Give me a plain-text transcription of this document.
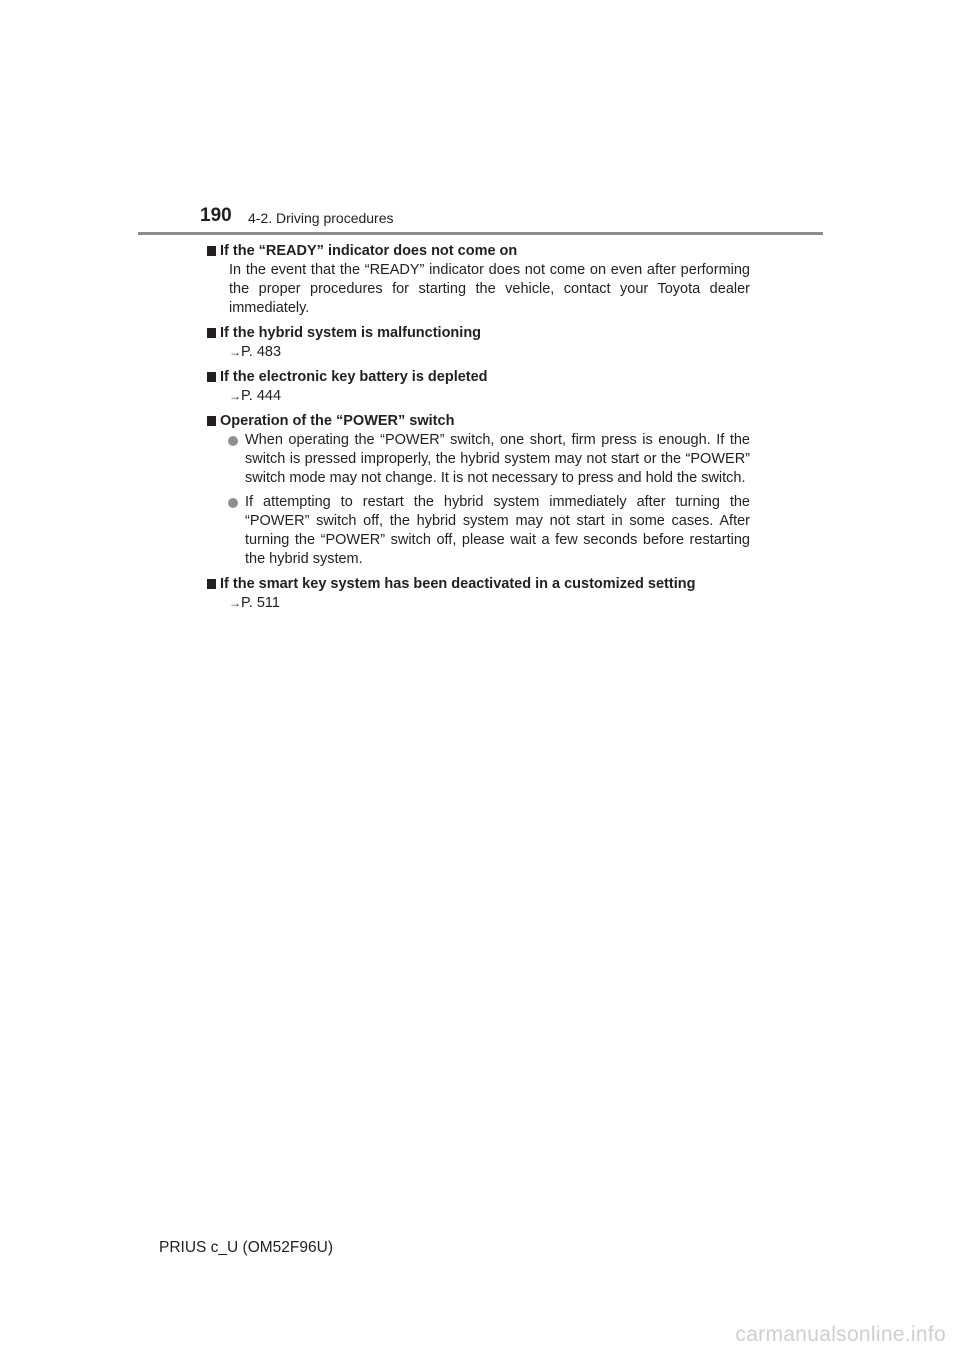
190 4-2. Driving procedures
If the “READY” indicator does not come on
In the event that the “READY” indicator does not come on even after performing the proper procedures for starting the vehicle, contact your Toyota dealer immediately.
If the hybrid system is malfunctioning
→P. 483
If the electronic key battery is depleted
→P. 444
Operation of the “POWER” switch
When operating the “POWER” switch, one short, firm press is enough. If the switch is pressed improperly, the hybrid system may not start or the “POWER” switch mode may not change. It is not necessary to press and hold the switch.
If attempting to restart the hybrid system immediately after turning the “POWER” switch off, the hybrid system may not start in some cases. After turning the “POWER” switch off, please wait a few seconds before restarting the hybrid system.
If the smart key system has been deactivated in a customized setting
→P. 511
PRIUS c_U (OM52F96U)
carmanualsonline.info
